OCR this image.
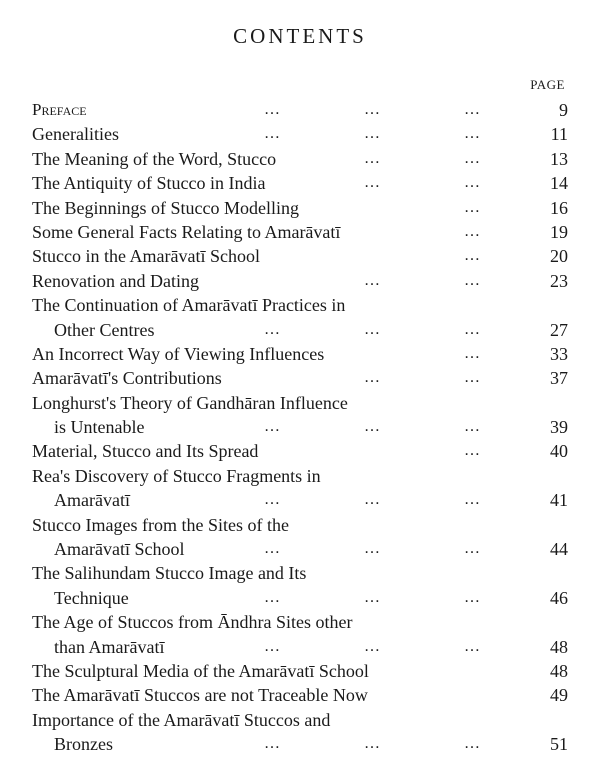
CONTENTS
PAGE
Preface	…	…	…	9
Generalities	…	…	…	11
The Meaning of the Word, Stucco	…	…	13
The Antiquity of Stucco in India	…	…	14
The Beginnings of Stucco Modelling	…	16
Some General Facts Relating to Amarāvatī	…	19
Stucco in the Amarāvatī School	…	20
Renovation and Dating	…	…	23
The Continuation of Amarāvatī Practices in
Other Centres	…	…	…	27
An Incorrect Way of Viewing Influences	…	33
Amarāvatī's Contributions	…	…	37
Longhurst's Theory of Gandhāran Influence
is Untenable	…	…	…	39
Material, Stucco and Its Spread	…	40
Rea's Discovery of Stucco Fragments in
Amarāvatī	…	…	…	41
Stucco Images from the Sites of the
Amarāvatī School	…	…	…	44
The Salihundam Stucco Image and Its
Technique	…	…	…	46
The Age of Stuccos from Āndhra Sites other
than Amarāvatī	…	…	…	48
The Sculptural Media of the Amarāvatī School	48
The Amarāvatī Stuccos are not Traceable Now	49
Importance of the Amarāvatī Stuccos and
Bronzes	…	…	…	51
